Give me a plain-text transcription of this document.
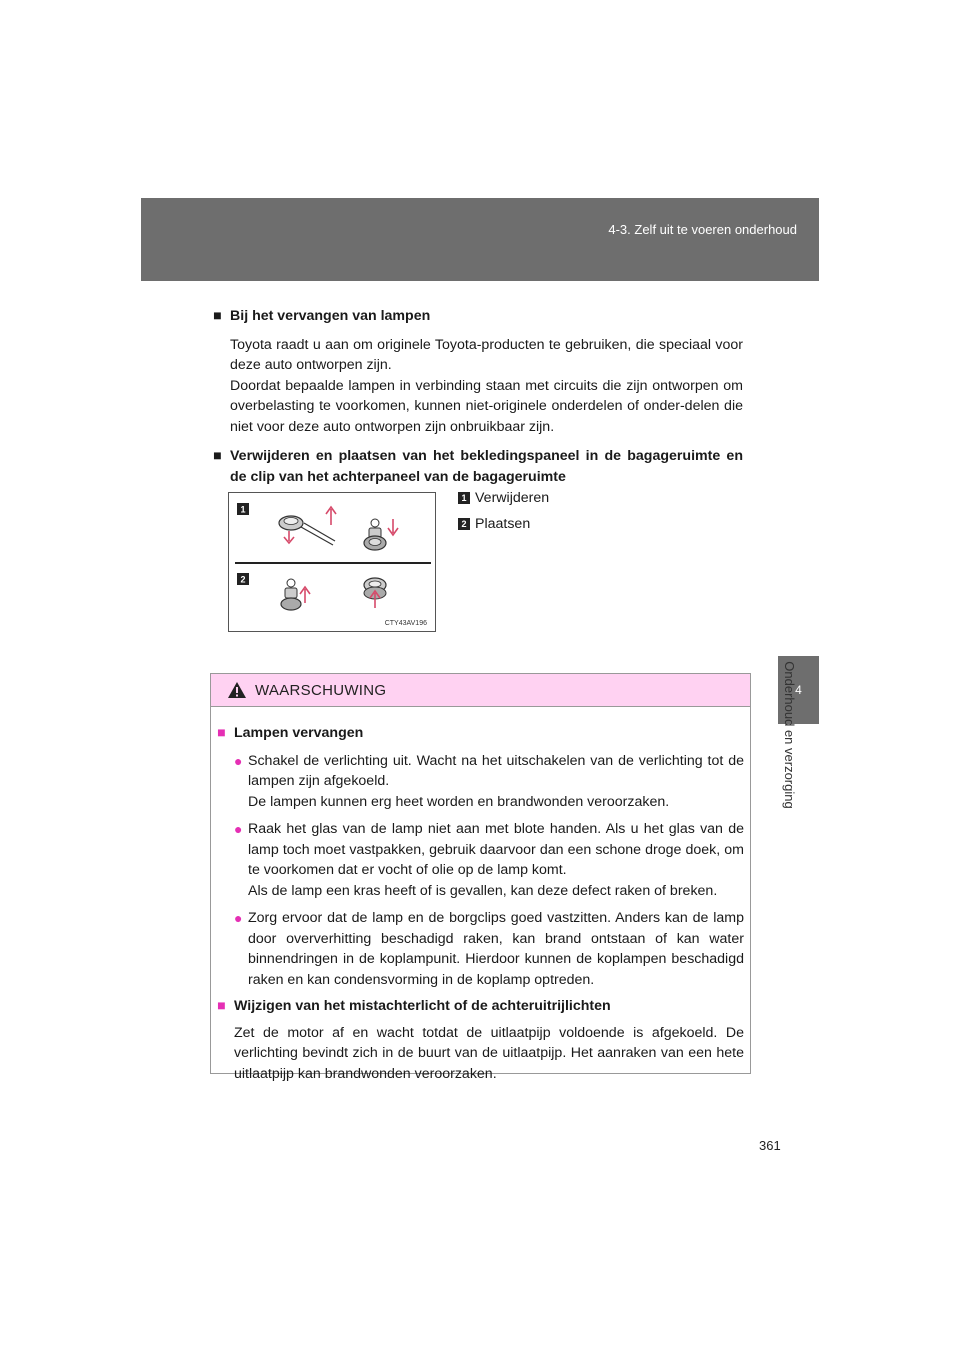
4-3. Zelf uit te voeren onderhoud
4
Onderhoud en verzorging
■ Bij het vervangen van lampen
Toyota raadt u aan om originele Toyota-producten te gebruiken, die speciaal voor deze auto ontworpen zijn.
Doordat bepaalde lampen in verbinding staan met circuits die zijn ontworpen om overbelasting te voorkomen, kunnen niet-originele onderdelen of onder-delen die niet voor deze auto ontworpen zijn onbruikbaar zijn.
■ Verwijderen en plaatsen van het bekledingspaneel in de bagageruimte en de clip van het achterpaneel van de bagageruimte
1
2
CTY43AV196
1 Verwijderen
2 Plaatsen
WAARSCHUWING
■ Lampen vervangen
● Schakel de verlichting uit. Wacht na het uitschakelen van de verlichting tot de lampen zijn afgekoeld.
De lampen kunnen erg heet worden en brandwonden veroorzaken.
● Raak het glas van de lamp niet aan met blote handen. Als u het glas van de lamp toch moet vastpakken, gebruik daarvoor dan een schone droge doek, om te voorkomen dat er vocht of olie op de lamp komt.
Als de lamp een kras heeft of is gevallen, kan deze defect raken of breken.
● Zorg ervoor dat de lamp en de borgclips goed vastzitten. Anders kan de lamp door oververhitting beschadigd raken, kan brand ontstaan of kan water binnendringen in de koplampunit. Hierdoor kunnen de koplampen beschadigd raken en kan condensvorming in de koplamp optreden.
■ Wijzigen van het mistachterlicht of de achteruitrijlichten
Zet de motor af en wacht totdat de uitlaatpijp voldoende is afgekoeld. De verlichting bevindt zich in de buurt van de uitlaatpijp. Het aanraken van een hete uitlaatpijp kan brandwonden veroorzaken.
361
